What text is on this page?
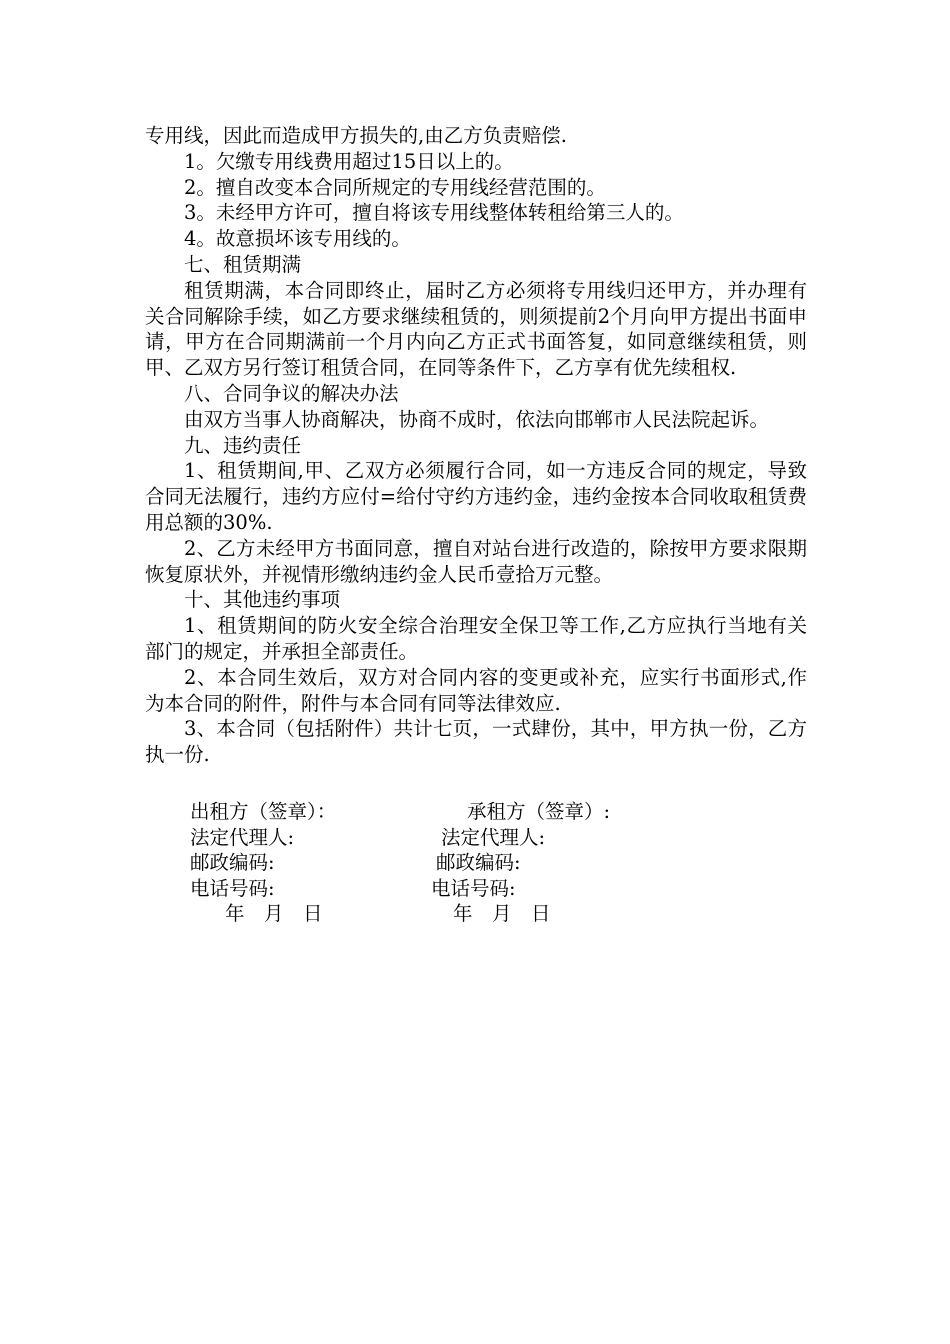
专用线，因此而造成甲方损失的,由乙方负责赔偿.

1。欠缴专用线费用超过15日以上的。

2。擅自改变本合同所规定的专用线经营范围的。

3。未经甲方许可，擅自将该专用线整体转租给第三人的。

4。故意损坏该专用线的。

七、租赁期满

租赁期满，本合同即终止，届时乙方必须将专用线归还甲方，并办理有关合同解除手续，如乙方要求继续租赁的，则须提前2个月向甲方提出书面申请，甲方在合同期满前一个月内向乙方正式书面答复，如同意继续租赁，则甲、乙双方另行签订租赁合同，在同等条件下，乙方享有优先续租权.

八、合同争议的解决办法

由双方当事人协商解决，协商不成时，依法向邯郸市人民法院起诉。

九、违约责任

1、租赁期间,甲、乙双方必须履行合同，如一方违反合同的规定，导致合同无法履行，违约方应付=给付守约方违约金，违约金按本合同收取租赁费用总额的30%.

2、乙方未经甲方书面同意，擅自对站台进行改造的，除按甲方要求限期恢复原状外，并视情形缴纳违约金人民币壹拾万元整。

十、其他违约事项

1、租赁期间的防火安全综合治理安全保卫等工作,乙方应执行当地有关部门的规定，并承担全部责任。

2、本合同生效后，双方对合同内容的变更或补充，应实行书面形式,作为本合同的附件，附件与本合同有同等法律效应.

3、本合同（包括附件）共计七页，一式肆份，其中，甲方执一份，乙方执一份.

出租方（签章）：	承租方（签章）:
法定代理人:	法定代理人:
邮政编码:	邮政编码:
电话号码:	电话号码:
年　月　日	年　月　日
